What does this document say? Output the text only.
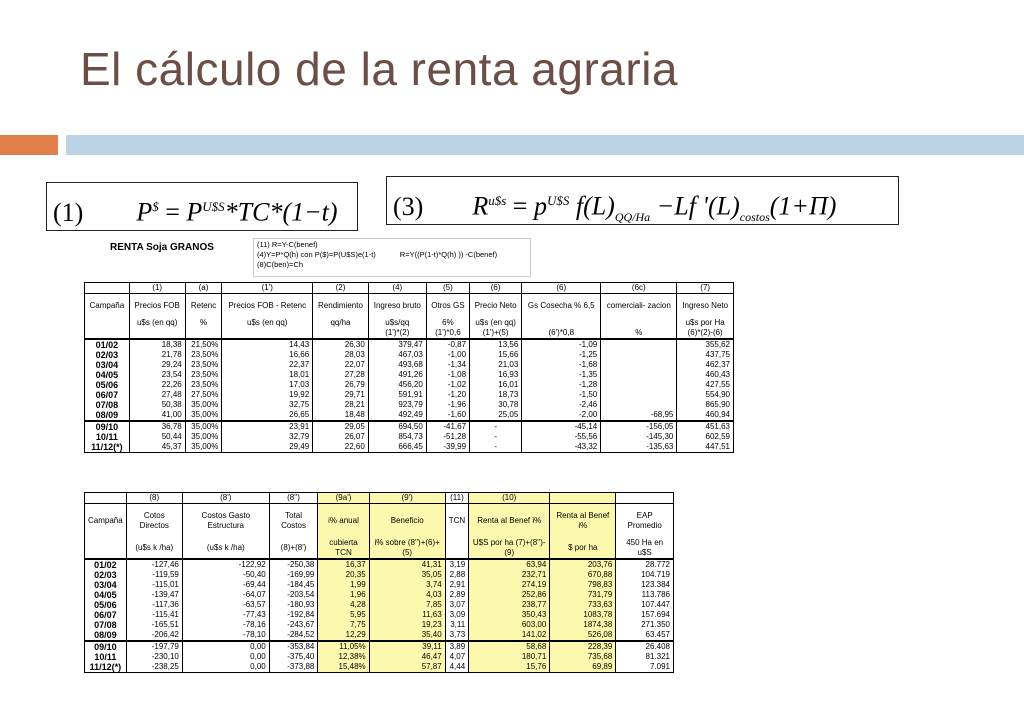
El cálculo de la renta agraria
(1) $P^{\$} = P^{U\$S}*TC*(1-t)$	(3) $R^{u\$s} = p^{U\$S}$ $f(L)_{QQ/Ha} -Lf$ '$(L)_{costos}(1+\Pi)$
RENTA Soja GRANOS	(11) R=Y-C(benef)
(4)Y=P*Q(h) con P($)=P(U$S)e(1-t)	R=Y((P(1-t)*Q(h) )) -C(benef)
(8)C(ben)=Ch
	(1)	(a)	(1')	(2)	(4)	(5)	(6)	(6)	(6c)	(7)
Campaña	Precios FOB	Retenc	Precios FOB - Retenc	Rendimiento	Ingreso bruto	Otros GS	Precio Neto	Gs Cosecha % 6,5	comerciali- zacion	Ingreso Neto
	u$s (en qq)	%	u$s (en qq)	qq/ha	u$s/qq	6%	u$s (en qq)			u$s por Ha
					(1')*(2)	(1')*0,6	(1')+(5)	(6')*0,8	%	(6)*(2)-(6)
01/02	18,38	21,50%	14,43	26,30	379,47	-0,87	13,56	-1,09		355,62
02/03	21,78	23,50%	16,66	28,03	467,03	-1,00	15,66	-1,25		437,75
03/04	29,24	23,50%	22,37	22,07	493,68	-1,34	21,03	-1,68		462,37
04/05	23,54	23,50%	18,01	27,28	491,26	-1,08	16,93	-1,35		460,43
05/06	22,26	23,50%	17,03	26,79	456,20	-1,02	16,01	-1,28		427,55
06/07	27,48	27,50%	19,92	29,71	591,91	-1,20	18,73	-1,50		554,90
07/08	50,38	35,00%	32,75	28,21	923,79	-1,96	30,78	-2,46		865,90
08/09	41,00	35,00%	26,65	18,48	492,49	-1,60	25,05	-2,00	-68,95	460,94
09/10	36,78	35,00%	23,91	29,05	694,50	-41,67	-	-45,14	-156,05	451,63
10/11	50,44	35,00%	32,79	26,07	854,73	-51,28	-	-55,56	-145,30	602,59
11/12(*)	45,37	35,00%	29,49	22,60	666,45	-39,99	-	-43,32	-135,63	447,51
	(8)	(8')	(8'')	(9a')	(9')	(11)	(10)		
Campaña	Cotos Directos	Costos Gasto Estructura	Total Costos	i% anual	Beneficio	TCN	Renta al Benef i%	Renta al Benef i%	EAP Promedio
	(u$s k /ha)	(u$s k /ha)	(8)+(8')	cubierta TCN	i% sobre (8'')+(6)+(5)		U$S por ha (7)+(8'')-(9)	$ por ha	450 Ha en u$S
01/02	-127,46	-122,92	-250,38	16,37	41,31	3,19	63,94	203,76	28.772
02/03	-119,59	-50,40	-169,99	20,35	35,05	2,88	232,71	670,88	104.719
03/04	-115,01	-69,44	-184,45	1,99	3,74	2,91	274,19	798,83	123.384
04/05	-139,47	-64,07	-203,54	1,96	4,03	2,89	252,86	731,79	113.786
05/06	-117,36	-63,57	-180,93	4,28	7,85	3,07	238,77	733,63	107.447
06/07	-115,41	-77,43	-192,84	5,95	11,63	3,09	350,43	1083,78	157.694
07/08	-165,51	-78,16	-243,67	7,75	19,23	3,11	603,00	1874,38	271.350
08/09	-206,42	-78,10	-284,52	12,29	35,40	3,73	141,02	526,08	63.457
09/10	-197,79	0,00	-353,84	11,05%	39,11	3,89	58,68	228,39	26.408
10/11	-230,10	0,00	-375,40	12,38%	46,47	4,07	180,71	735,68	81.321
11/12(*)	-238,25	0,00	-373,88	15,48%	57,87	4,44	15,76	69,89	7.091
